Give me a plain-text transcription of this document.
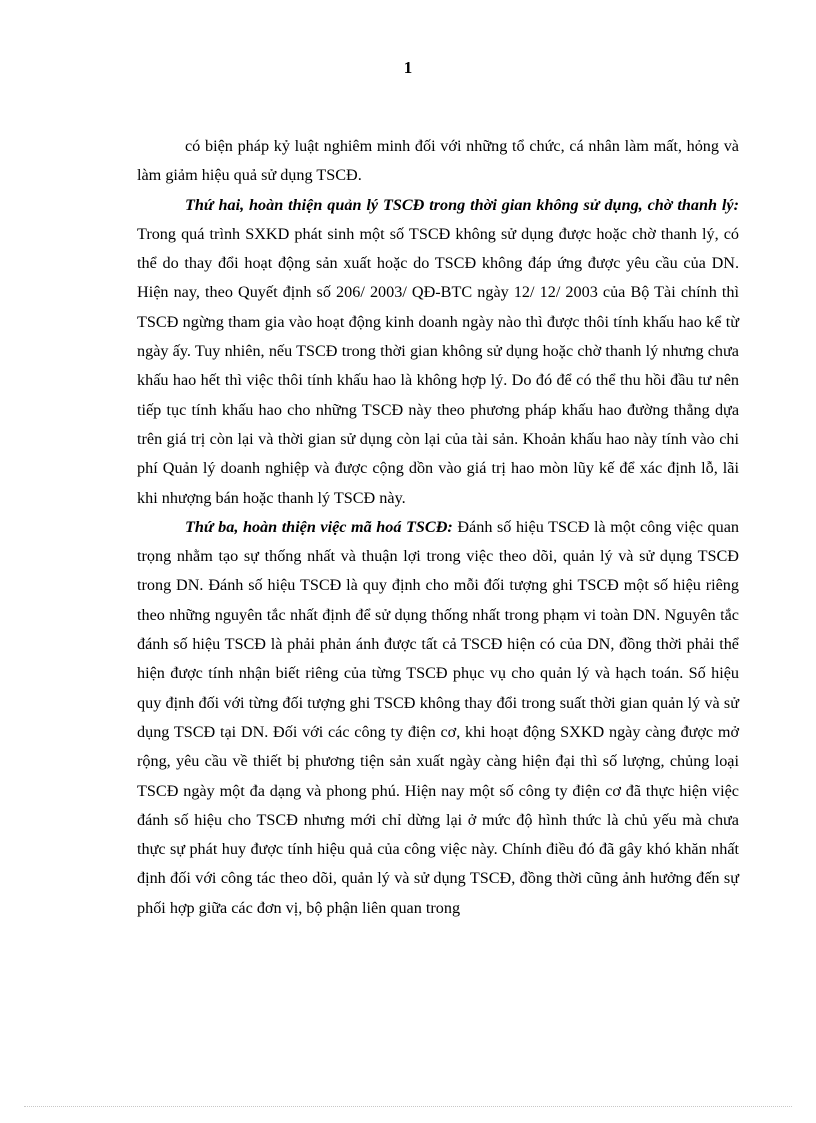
1

có biện pháp kỷ luật nghiêm minh đối với những tổ chức, cá nhân làm mất, hỏng và làm giảm hiệu quả sử dụng TSCĐ.

Thứ hai, hoàn thiện quản lý TSCĐ trong thời gian không sử dụng, chờ thanh lý: Trong quá trình SXKD phát sinh một số TSCĐ không sử dụng được hoặc chờ thanh lý, có thể do thay đổi hoạt động sản xuất hoặc do TSCĐ không đáp ứng được yêu cầu của DN. Hiện nay, theo Quyết định số 206/ 2003/ QĐ-BTC ngày 12/ 12/ 2003 của Bộ Tài chính thì TSCĐ ngừng tham gia vào hoạt động kinh doanh ngày nào thì được thôi tính khấu hao kể từ ngày ấy. Tuy nhiên, nếu TSCĐ trong thời gian không sử dụng hoặc chờ thanh lý nhưng chưa khấu hao hết thì việc thôi tính khấu hao là không hợp lý. Do đó để có thể thu hồi đầu tư nên tiếp tục tính khấu hao cho những TSCĐ này theo phương pháp khấu hao đường thẳng dựa trên giá trị còn lại và thời gian sử dụng còn lại của tài sản. Khoản khấu hao này tính vào chi phí Quản lý doanh nghiệp và được cộng dồn vào giá trị hao mòn lũy kế để xác định lỗ, lãi khi nhượng bán hoặc thanh lý TSCĐ này.

Thứ ba, hoàn thiện việc mã hoá TSCĐ: Đánh số hiệu TSCĐ là một công việc quan trọng nhằm tạo sự thống nhất và thuận lợi trong việc theo dõi, quản lý và sử dụng TSCĐ trong DN. Đánh số hiệu TSCĐ là quy định cho mỗi đối tượng ghi TSCĐ một số hiệu riêng theo những nguyên tắc nhất định để sử dụng thống nhất trong phạm vi toàn DN. Nguyên tắc đánh số hiệu TSCĐ là phải phản ánh được tất cả TSCĐ hiện có của DN, đồng thời phải thể hiện được tính nhận biết riêng của từng TSCĐ phục vụ cho quản lý và hạch toán. Số hiệu quy định đối với từng đối tượng ghi TSCĐ không thay đổi trong suất thời gian quản lý và sử dụng TSCĐ tại DN. Đối với các công ty điện cơ, khi hoạt động SXKD ngày càng được mở rộng, yêu cầu về thiết bị phương tiện sản xuất ngày càng hiện đại thì số lượng, chủng loại TSCĐ ngày một đa dạng và phong phú. Hiện nay một số công ty điện cơ đã thực hiện việc đánh số hiệu cho TSCĐ nhưng mới chỉ dừng lại ở mức độ hình thức là chủ yếu mà chưa thực sự phát huy được tính hiệu quả của công việc này. Chính điều đó đã gây khó khăn nhất định đối với công tác theo dõi, quản lý và sử dụng TSCĐ, đồng thời cũng ảnh hưởng đến sự phối hợp giữa các đơn vị, bộ phận liên quan trong
